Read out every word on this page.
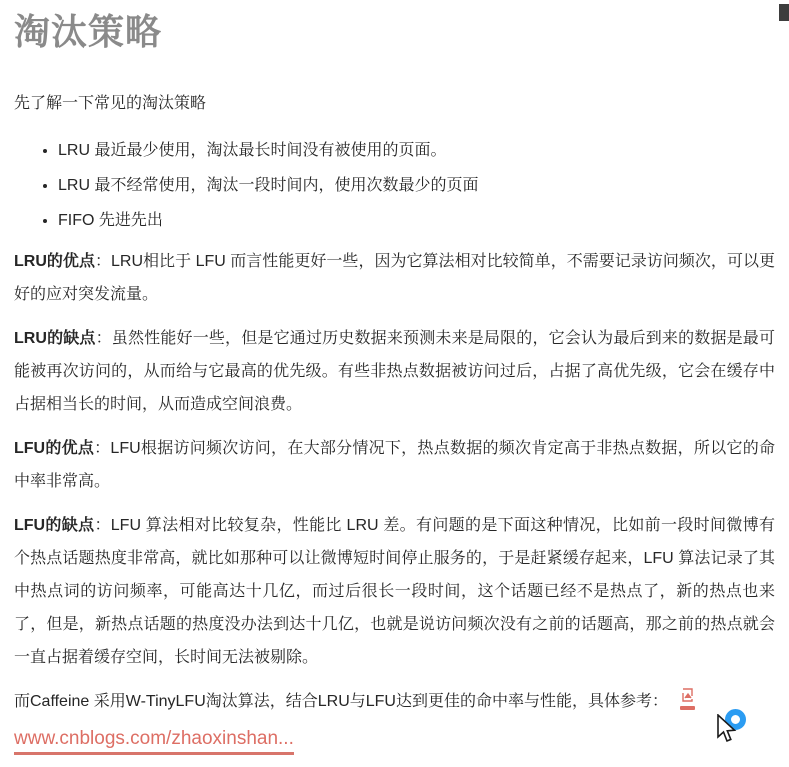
淘汰策略

先了解一下常见的淘汰策略

• LRU 最近最少使用，淘汰最长时间没有被使用的页面。
• LRU 最不经常使用，淘汰一段时间内，使用次数最少的页面
• FIFO 先进先出

LRU的优点：LRU相比于 LFU 而言性能更好一些，因为它算法相对比较简单，不需要记录访问频次，可以更好的应对突发流量。

LRU的缺点：虽然性能好一些，但是它通过历史数据来预测未来是局限的，它会认为最后到来的数据是最可能被再次访问的，从而给与它最高的优先级。有些非热点数据被访问过后，占据了高优先级，它会在缓存中占据相当长的时间，从而造成空间浪费。

LFU的优点：LFU根据访问频次访问，在大部分情况下，热点数据的频次肯定高于非热点数据，所以它的命中率非常高。

LFU的缺点：LFU 算法相对比较复杂，性能比 LRU 差。有问题的是下面这种情况，比如前一段时间微博有个热点话题热度非常高，就比如那种可以让微博短时间停止服务的，于是赶紧缓存起来，LFU 算法记录了其中热点词的访问频率，可能高达十几亿，而过后很长一段时间，这个话题已经不是热点了，新的热点也来了，但是，新热点话题的热度没办法到达十几亿，也就是说访问频次没有之前的话题高，那之前的热点就会一直占据着缓存空间，长时间无法被剔除。

而Caffeine 采用W-TinyLFU淘汰算法，结合LRU与LFU达到更佳的命中率与性能，具体参考：

www.cnblogs.com/zhaoxinshan...
